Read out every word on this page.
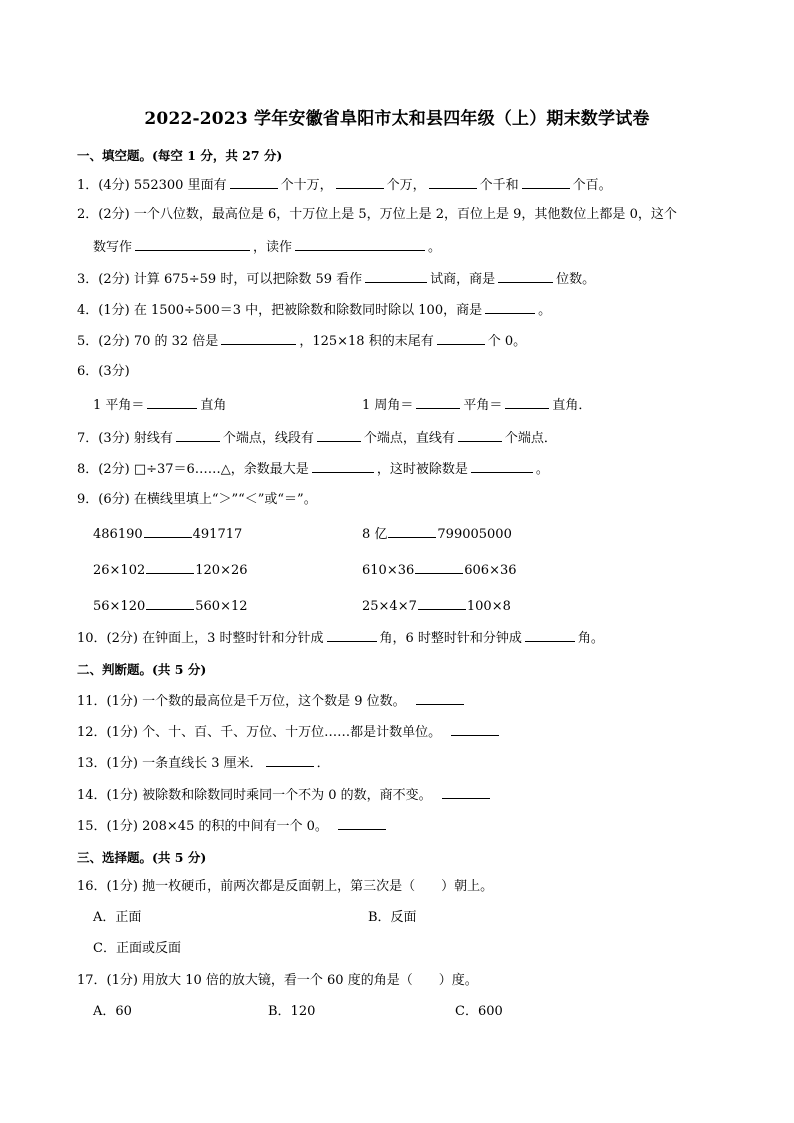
2022-2023 学年安徽省阜阳市太和县四年级（上）期末数学试卷
一、填空题。(每空 1 分，共 27 分)
1．(4分) 552300 里面有	个十万，	个万，	个千和	个百。
2．(2分) 一个八位数，最高位是 6，十万位上是 5，万位上是 2，百位上是 9，其他数位上都是 0，这个
数写作	，读作	。
3．(2分) 计算 675÷59 时，可以把除数 59 看作	试商，商是	位数。
4．(1分) 在 1500÷500＝3 中，把被除数和除数同时除以 100，商是	。
5．(2分) 70 的 32 倍是	，125×18 积的末尾有	个 0。
6．(3分)
1 平角＝	直角	1 周角＝	平角＝	直角．
7．(3分) 射线有	个端点，线段有	个端点，直线有	个端点．
8．(2分) □÷37＝6……△，余数最大是	，这时被除数是	。
9．(6分) 在横线里填上“＞”“＜”或“＝”。
486190	491717	8 亿	799005000
26×102	120×26	610×36	606×36
56×120	560×12	25×4×7	100×8
10．(2分) 在钟面上，3 时整时针和分针成	角，6 时整时针和分钟成	角。
二、判断题。(共 5 分)
11．(1分) 一个数的最高位是千万位，这个数是 9 位数。
12．(1分) 个、十、百、千、万位、十万位……都是计数单位。
13．(1分) 一条直线长 3 厘米．	．
14．(1分) 被除数和除数同时乘同一个不为 0 的数，商不变。
15．(1分) 208×45 的积的中间有一个 0。
三、选择题。(共 5 分)
16．(1分) 抛一枚硬币，前两次都是反面朝上，第三次是（　　）朝上。
A．正面	B．反面
C．正面或反面
17．(1分) 用放大 10 倍的放大镜，看一个 60 度的角是（　　）度。
A．60	B．120	C．600
